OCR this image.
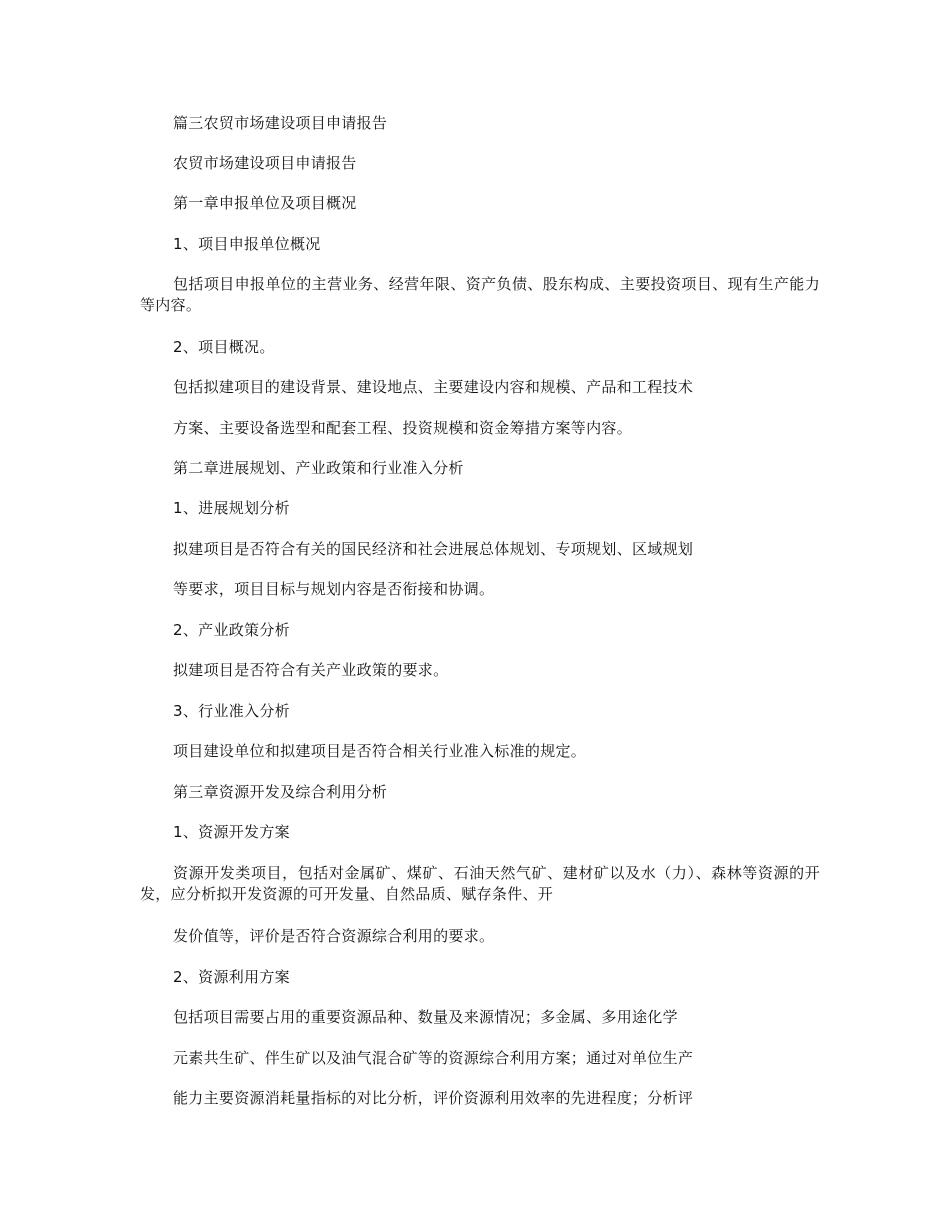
篇三农贸市场建设项目申请报告

农贸市场建设项目申请报告

第一章申报单位及项目概况

1、项目申报单位概况

包括项目申报单位的主营业务、经营年限、资产负债、股东构成、主要投资项目、现有生产能力等内容。

2、项目概况。

包括拟建项目的建设背景、建设地点、主要建设内容和规模、产品和工程技术

方案、主要设备选型和配套工程、投资规模和资金筹措方案等内容。

第二章进展规划、产业政策和行业准入分析

1、进展规划分析

拟建项目是否符合有关的国民经济和社会进展总体规划、专项规划、区域规划

等要求，项目目标与规划内容是否衔接和协调。

2、产业政策分析

拟建项目是否符合有关产业政策的要求。

3、行业准入分析

项目建设单位和拟建项目是否符合相关行业准入标准的规定。

第三章资源开发及综合利用分析

1、资源开发方案

资源开发类项目，包括对金属矿、煤矿、石油天然气矿、建材矿以及水（力）、森林等资源的开发，应分析拟开发资源的可开发量、自然品质、赋存条件、开

发价值等，评价是否符合资源综合利用的要求。

2、资源利用方案

包括项目需要占用的重要资源品种、数量及来源情况；多金属、多用途化学

元素共生矿、伴生矿以及油气混合矿等的资源综合利用方案；通过对单位生产

能力主要资源消耗量指标的对比分析，评价资源利用效率的先进程度；分析评
